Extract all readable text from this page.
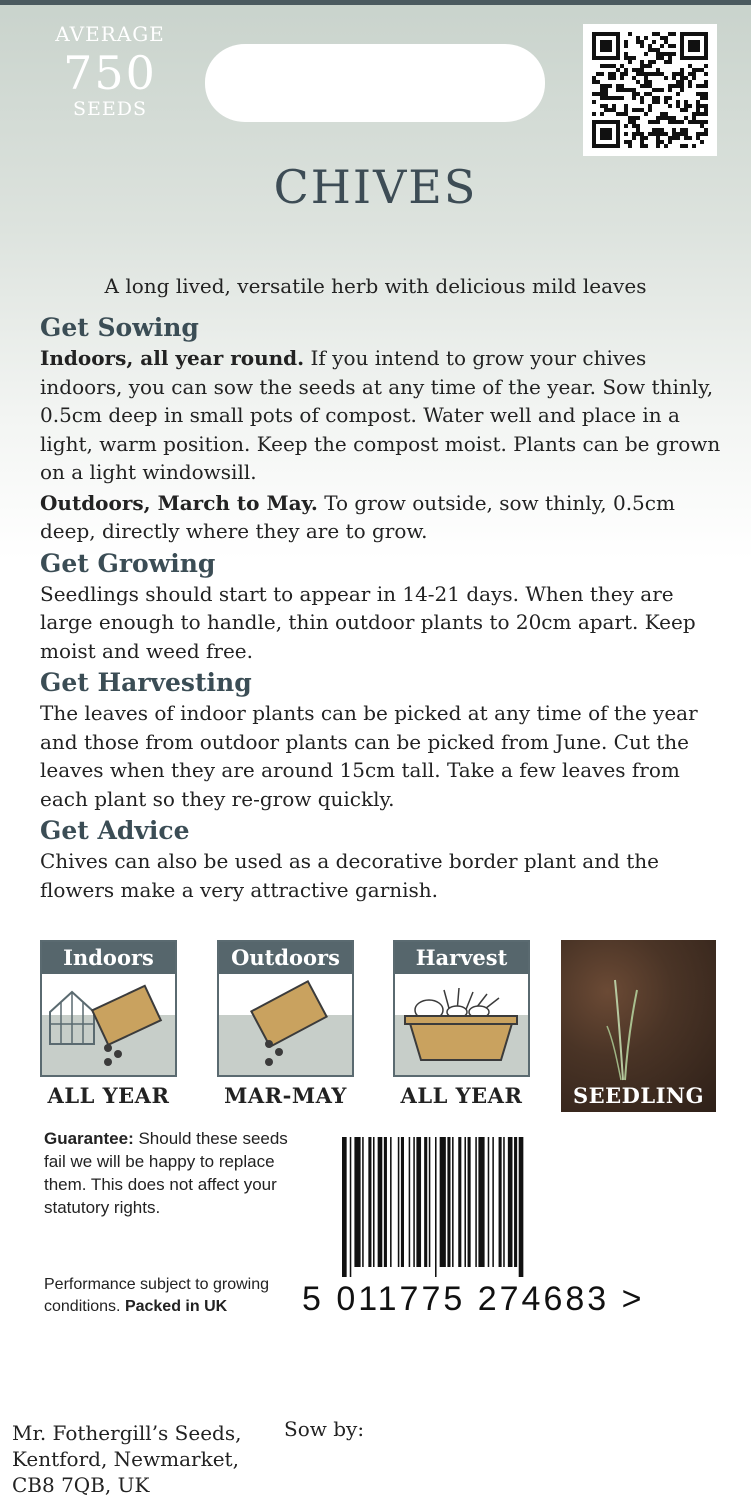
AVERAGE
750
SEEDS
CHIVES
A long lived, versatile herb with delicious mild leaves
Get Sowing

Indoors, all year round. If you intend to grow your chives indoors, you can sow the seeds at any time of the year. Sow thinly, 0.5cm deep in small pots of compost. Water well and place in a light, warm position. Keep the compost moist. Plants can be grown on a light windowsill.

Outdoors, March to May. To grow outside, sow thinly, 0.5cm deep, directly where they are to grow.

Get Growing

Seedlings should start to appear in 14-21 days. When they are large enough to handle, thin outdoor plants to 20cm apart. Keep moist and weed free.

Get Harvesting

The leaves of indoor plants can be picked at any time of the year and those from outdoor plants can be picked from June. Cut the leaves when they are around 15cm tall. Take a few leaves from each plant so they re-grow quickly.

Get Advice

Chives can also be used as a decorative border plant and the flowers make a very attractive garnish.

Indoors
ALL YEAR
Outdoors
MAR-MAY
Harvest
ALL YEAR	SEEDLING
Guarantee: Should these seeds fail we will be happy to replace them. This does not affect your statutory rights.
Performance subject to growing conditions. Packed in UK	5 011775 274683 >
Mr. Fothergill’s Seeds,
Kentford, Newmarket,
CB8 7QB, UK
Sow by:
